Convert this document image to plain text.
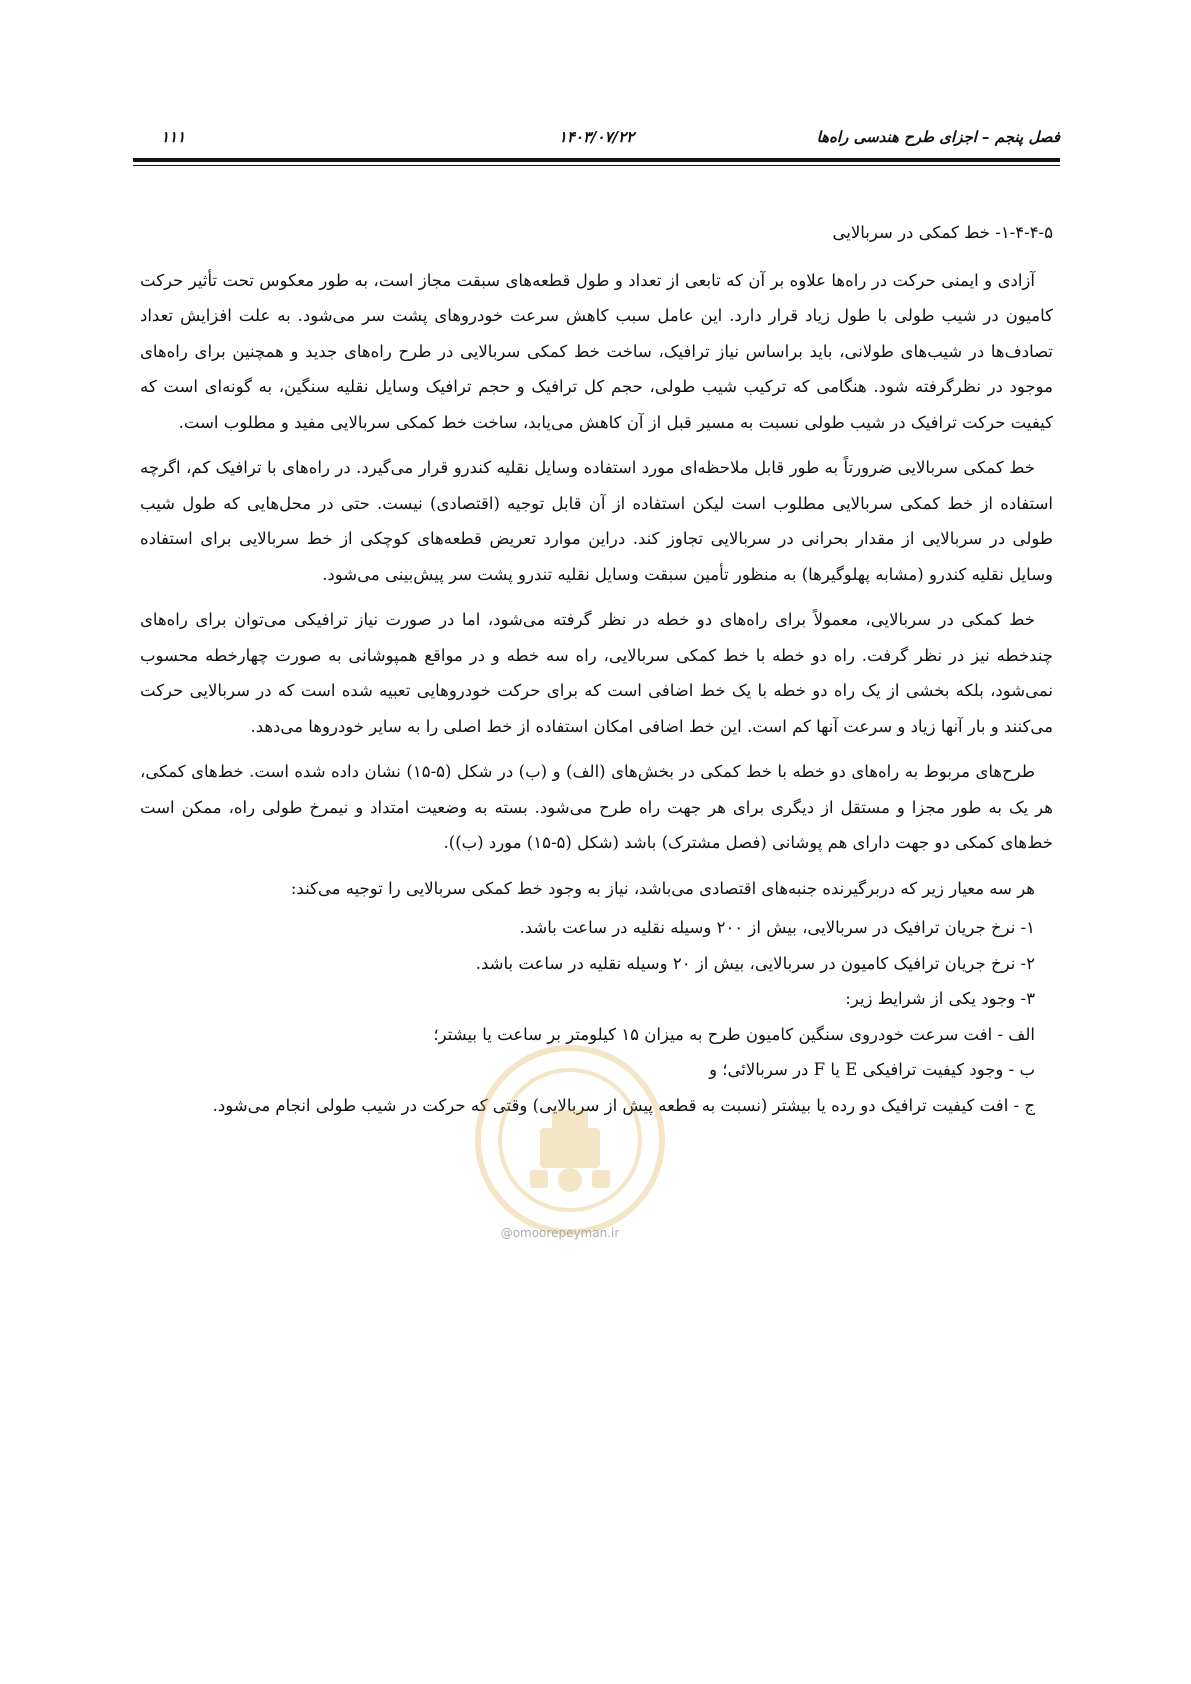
فصل پنجم – اجزای طرح هندسی راه‌ها
۱۴۰۳/۰۷/۲۲
۱۱۱
۱-۴-۴-۵- خط کمکی در سربالایی

آزادی و ایمنی حرکت در راه‌ها علاوه بر آن که تابعی از تعداد و طول قطعه‌های سبقت مجاز است، به طور معکوس تحت تأثیر حرکت کامیون در شیب طولی با طول زیاد قرار دارد. این عامل سبب کاهش سرعت خودروهای پشت سر می‌شود. به علت افزایش تعداد تصادف‌ها در شیب‌های طولانی، باید براساس نیاز ترافیک، ساخت خط کمکی سربالایی در طرح راه‌های جدید و همچنین برای راه‌های موجود در نظرگرفته شود. هنگامی که ترکیب شیب طولی، حجم کل ترافیک و حجم ترافیک وسایل نقلیه سنگین، به گونه‌ای است که کیفیت حرکت ترافیک در شیب طولی نسبت به مسیر قبل از آن کاهش می‌یابد، ساخت خط کمکی سربالایی مفید و مطلوب است.

خط کمکی سربالایی ضرورتاً به طور قابل ملاحظه‌ای مورد استفاده وسایل نقلیه کندرو قرار می‌گیرد. در راه‌های با ترافیک کم، اگرچه استفاده از خط کمکی سربالایی مطلوب است لیکن استفاده از آن قابل توجیه (اقتصادی) نیست. حتی در محل‌هایی که طول شیب طولی در سربالایی از مقدار بحرانی در سربالایی تجاوز کند. دراین موارد تعریض قطعه‌های کوچکی از خط سربالایی برای استفاده وسایل نقلیه کندرو (مشابه پهلوگیرها) به منظور تأمین سبقت وسایل نقلیه تندرو پشت سر پیش‌بینی می‌شود.

خط کمکی در سربالایی، معمولاً برای راه‌های دو خطه در نظر گرفته می‌شود، اما در صورت نیاز ترافیکی می‌توان برای راه‌های چندخطه نیز در نظر گرفت. راه دو خطه با خط کمکی سربالایی، راه سه خطه و در مواقع همپوشانی به صورت چهارخطه محسوب نمی‌شود، بلکه بخشی از یک راه دو خطه با یک خط اضافی است که برای حرکت خودروهایی تعبیه شده است که در سربالایی حرکت می‌کنند و بار آنها زیاد و سرعت آنها کم است. این خط اضافی امکان استفاده از خط اصلی را به سایر خودروها می‌دهد.

طرح‌های مربوط به راه‌های دو خطه با خط کمکی در بخش‌های (الف) و (ب) در شکل (۵-۱۵) نشان داده شده است. خط‌های کمکی، هر یک به طور مجزا و مستقل از دیگری برای هر جهت راه طرح می‌شود. بسته به وضعیت امتداد و نیمرخ طولی راه، ممکن است خط‌های کمکی دو جهت دارای هم پوشانی (فصل مشترک) باشد (شکل (۵-۱۵) مورد (ب)).

هر سه معیار زیر که دربرگیرنده جنبه‌های اقتصادی می‌باشد، نیاز به وجود خط کمکی سربالایی را توجیه می‌کند:

۱- نرخ جریان ترافیک در سربالایی، بیش از ۲۰۰ وسیله نقلیه در ساعت باشد.
۲- نرخ جریان ترافیک کامیون در سربالایی، بیش از ۲۰ وسیله نقلیه در ساعت باشد.
۳- وجود یکی از شرایط زیر:
الف - افت سرعت خودروی سنگین کامیون طرح به میزان ۱۵ کیلومتر بر ساعت یا بیشتر؛
ب - وجود کیفیت ترافیکی E یا F در سربالائی؛ و

ج - افت کیفیت ترافیک دو رده یا بیشتر (نسبت به قطعه پیش از سربالایی) وقتی که حرکت در شیب طولی انجام می‌شود.

@omoorepeyman.ir
